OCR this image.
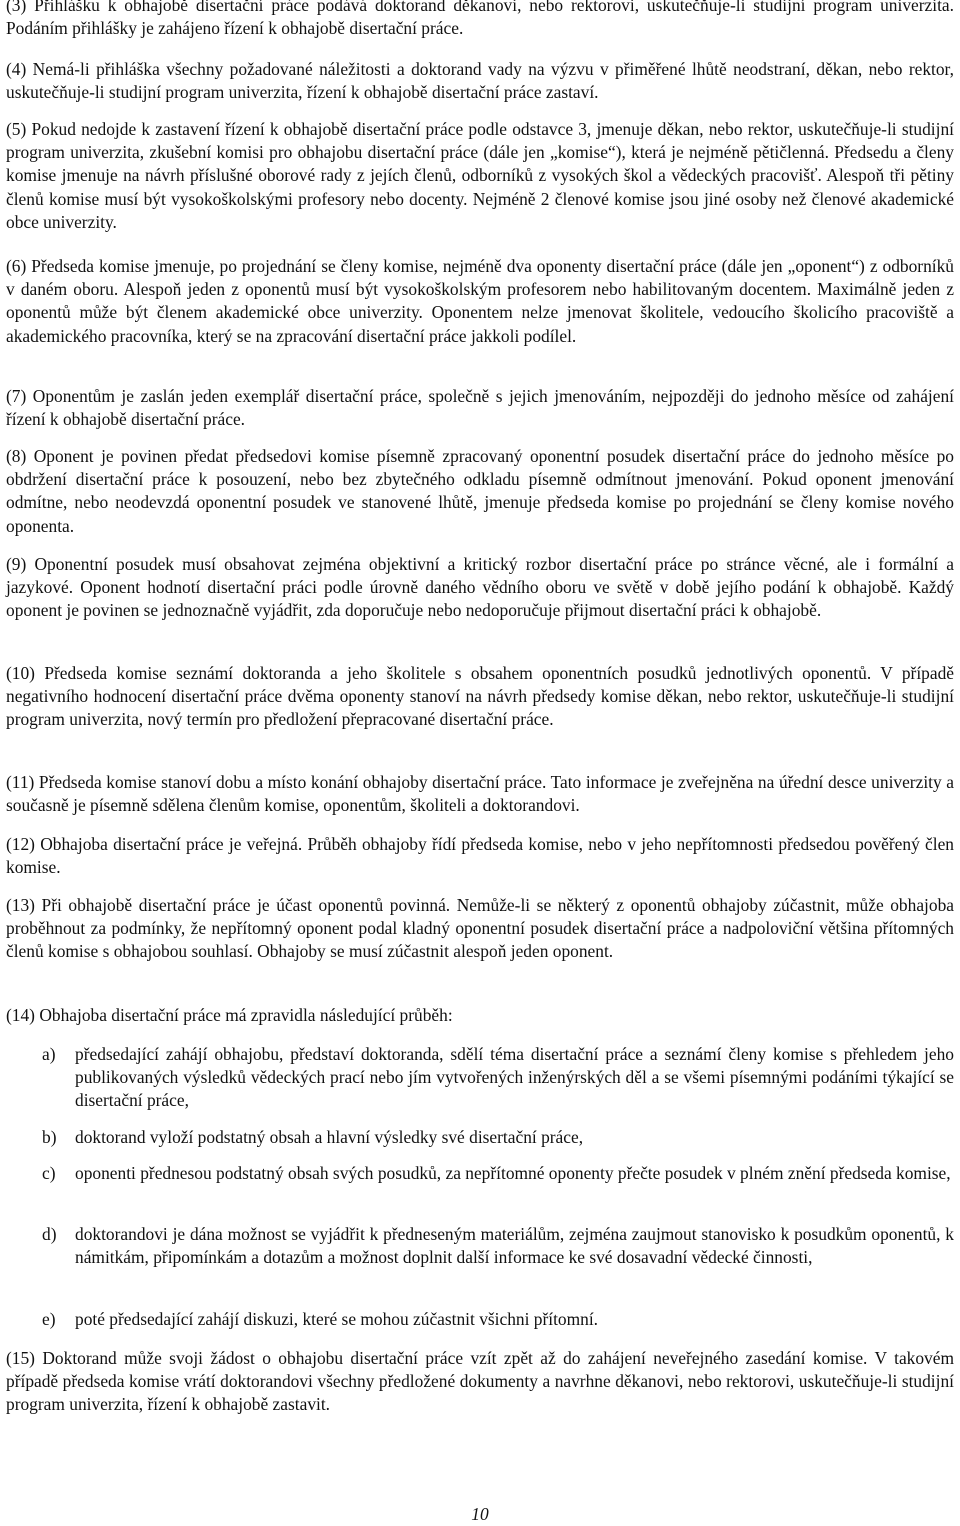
(3) Přihlášku k obhajobě disertační práce podává doktorand děkanovi, nebo rektorovi, uskutečňuje-li studijní program univerzita. Podáním přihlášky je zahájeno řízení k obhajobě disertační práce.

(4) Nemá-li přihláška všechny požadované náležitosti a doktorand vady na výzvu v přiměřené lhůtě neodstraní, děkan, nebo rektor, uskutečňuje-li studijní program univerzita, řízení k obhajobě disertační práce zastaví.

(5) Pokud nedojde k zastavení řízení k obhajobě disertační práce podle odstavce 3, jmenuje děkan, nebo rektor, uskutečňuje-li studijní program univerzita, zkušební komisi pro obhajobu disertační práce (dále jen „komise“), která je nejméně pětičlenná. Předsedu a členy komise jmenuje na návrh příslušné oborové rady z jejích členů, odborníků z vysokých škol a vědeckých pracovišť. Alespoň tři pětiny členů komise musí být vysokoškolskými profesory nebo docenty. Nejméně 2 členové komise jsou jiné osoby než členové akademické obce univerzity.

(6) Předseda komise jmenuje, po projednání se členy komise, nejméně dva oponenty disertační práce (dále jen „oponent“) z odborníků v daném oboru. Alespoň jeden z oponentů musí být vysokoškolským profesorem nebo habilitovaným docentem. Maximálně jeden z oponentů může být členem akademické obce univerzity. Oponentem nelze jmenovat školitele, vedoucího školicího pracoviště a akademického pracovníka, který se na zpracování disertační práce jakkoli podílel.

(7) Oponentům je zaslán jeden exemplář disertační práce, společně s jejich jmenováním, nejpozději do jednoho měsíce od zahájení řízení k obhajobě disertační práce.

(8) Oponent je povinen předat předsedovi komise písemně zpracovaný oponentní posudek disertační práce do jednoho měsíce po obdržení disertační práce k posouzení, nebo bez zbytečného odkladu písemně odmítnout jmenování. Pokud oponent jmenování odmítne, nebo neodevzdá oponentní posudek ve stanovené lhůtě, jmenuje předseda komise po projednání se členy komise nového oponenta.

(9) Oponentní posudek musí obsahovat zejména objektivní a kritický rozbor disertační práce po stránce věcné, ale i formální a jazykové. Oponent hodnotí disertační práci podle úrovně daného vědního oboru ve světě v době jejího podání k obhajobě. Každý oponent je povinen se jednoznačně vyjádřit, zda doporučuje nebo nedoporučuje přijmout disertační práci k obhajobě.

(10) Předseda komise seznámí doktoranda a jeho školitele s obsahem oponentních posudků jednotlivých oponentů. V případě negativního hodnocení disertační práce dvěma oponenty stanoví na návrh předsedy komise děkan, nebo rektor, uskutečňuje-li studijní program univerzita, nový termín pro předložení přepracované disertační práce.

(11) Předseda komise stanoví dobu a místo konání obhajoby disertační práce. Tato informace je zveřejněna na úřední desce univerzity a současně je písemně sdělena členům komise, oponentům, školiteli a doktorandovi.

(12) Obhajoba disertační práce je veřejná. Průběh obhajoby řídí předseda komise, nebo v jeho nepřítomnosti předsedou pověřený člen komise.

(13) Při obhajobě disertační práce je účast oponentů povinná. Nemůže-li se některý z oponentů obhajoby zúčastnit, může obhajoba proběhnout za podmínky, že nepřítomný oponent podal kladný oponentní posudek disertační práce a nadpoloviční většina přítomných členů komise s obhajobou souhlasí. Obhajoby se musí zúčastnit alespoň jeden oponent.

(14) Obhajoba disertační práce má zpravidla následující průběh:

a)	předsedající zahájí obhajobu, představí doktoranda, sdělí téma disertační práce a seznámí členy komise s přehledem jeho publikovaných výsledků vědeckých prací nebo jím vytvořených inženýrských děl a se všemi písemnými podáními týkající se disertační práce,
b)	doktorand vyloží podstatný obsah a hlavní výsledky své disertační práce,
c)	oponenti přednesou podstatný obsah svých posudků, za nepřítomné oponenty přečte posudek v plném znění předseda komise,
d)	doktorandovi je dána možnost se vyjádřit k předneseným materiálům, zejména zaujmout stanovisko k posudkům oponentů, k námitkám, připomínkám a dotazům a možnost doplnit další informace ke své dosavadní vědecké činnosti,
e)	poté předsedající zahájí diskuzi, které se mohou zúčastnit všichni přítomní.

(15) Doktorand může svoji žádost o obhajobu disertační práce vzít zpět až do zahájení neveřejného zasedání komise. V takovém případě předseda komise vrátí doktorandovi všechny předložené dokumenty a navrhne děkanovi, nebo rektorovi, uskutečňuje-li studijní program univerzita, řízení k obhajobě zastavit.

10
